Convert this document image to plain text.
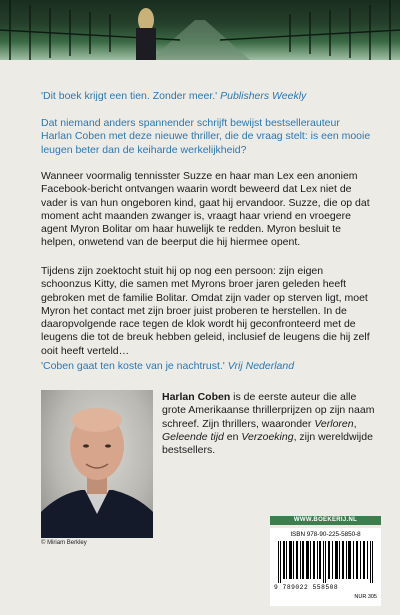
'Dit boek krijgt een tien. Zonder meer.' Publishers Weekly
Dat niemand anders spannender schrijft bewijst bestsellerauteur Harlan Coben met deze nieuwe thriller, die de vraag stelt: is een mooie leugen beter dan de keiharde werkelijkheid?
Wanneer voormalig tennisster Suzze en haar man Lex een anoniem Facebook-bericht ontvangen waarin wordt beweerd dat Lex niet de vader is van hun ongeboren kind, gaat hij ervandoor. Suzze, die op dat moment acht maanden zwanger is, vraagt haar vriend en vroegere agent Myron Bolitar om haar huwelijk te redden. Myron besluit te helpen, onwetend van de beerput die hij hiermee opent.
Tijdens zijn zoektocht stuit hij op nog een persoon: zijn eigen schoonzus Kitty, die samen met Myrons broer jaren geleden heeft gebroken met de familie Bolitar. Omdat zijn vader op sterven ligt, moet Myron het contact met zijn broer juist proberen te herstellen. In de daaropvolgende race tegen de klok wordt hij geconfronteerd met de leugens die tot de breuk hebben geleid, inclusief de leugens die hij zelf ooit heeft verteld…
'Coben gaat ten koste van je nachtrust.' Vrij Nederland
© Miriam Berkley
Harlan Coben is de eerste auteur die alle grote Amerikaanse thrillerprijzen op zijn naam schreef. Zijn thrillers, waaronder Verloren, Geleende tijd en Verzoeking, zijn wereldwijde bestsellers.
WWW.BOEKERIJ.NL
ISBN 978-90-225-5850-8
9 789022 558508
NUR 305
